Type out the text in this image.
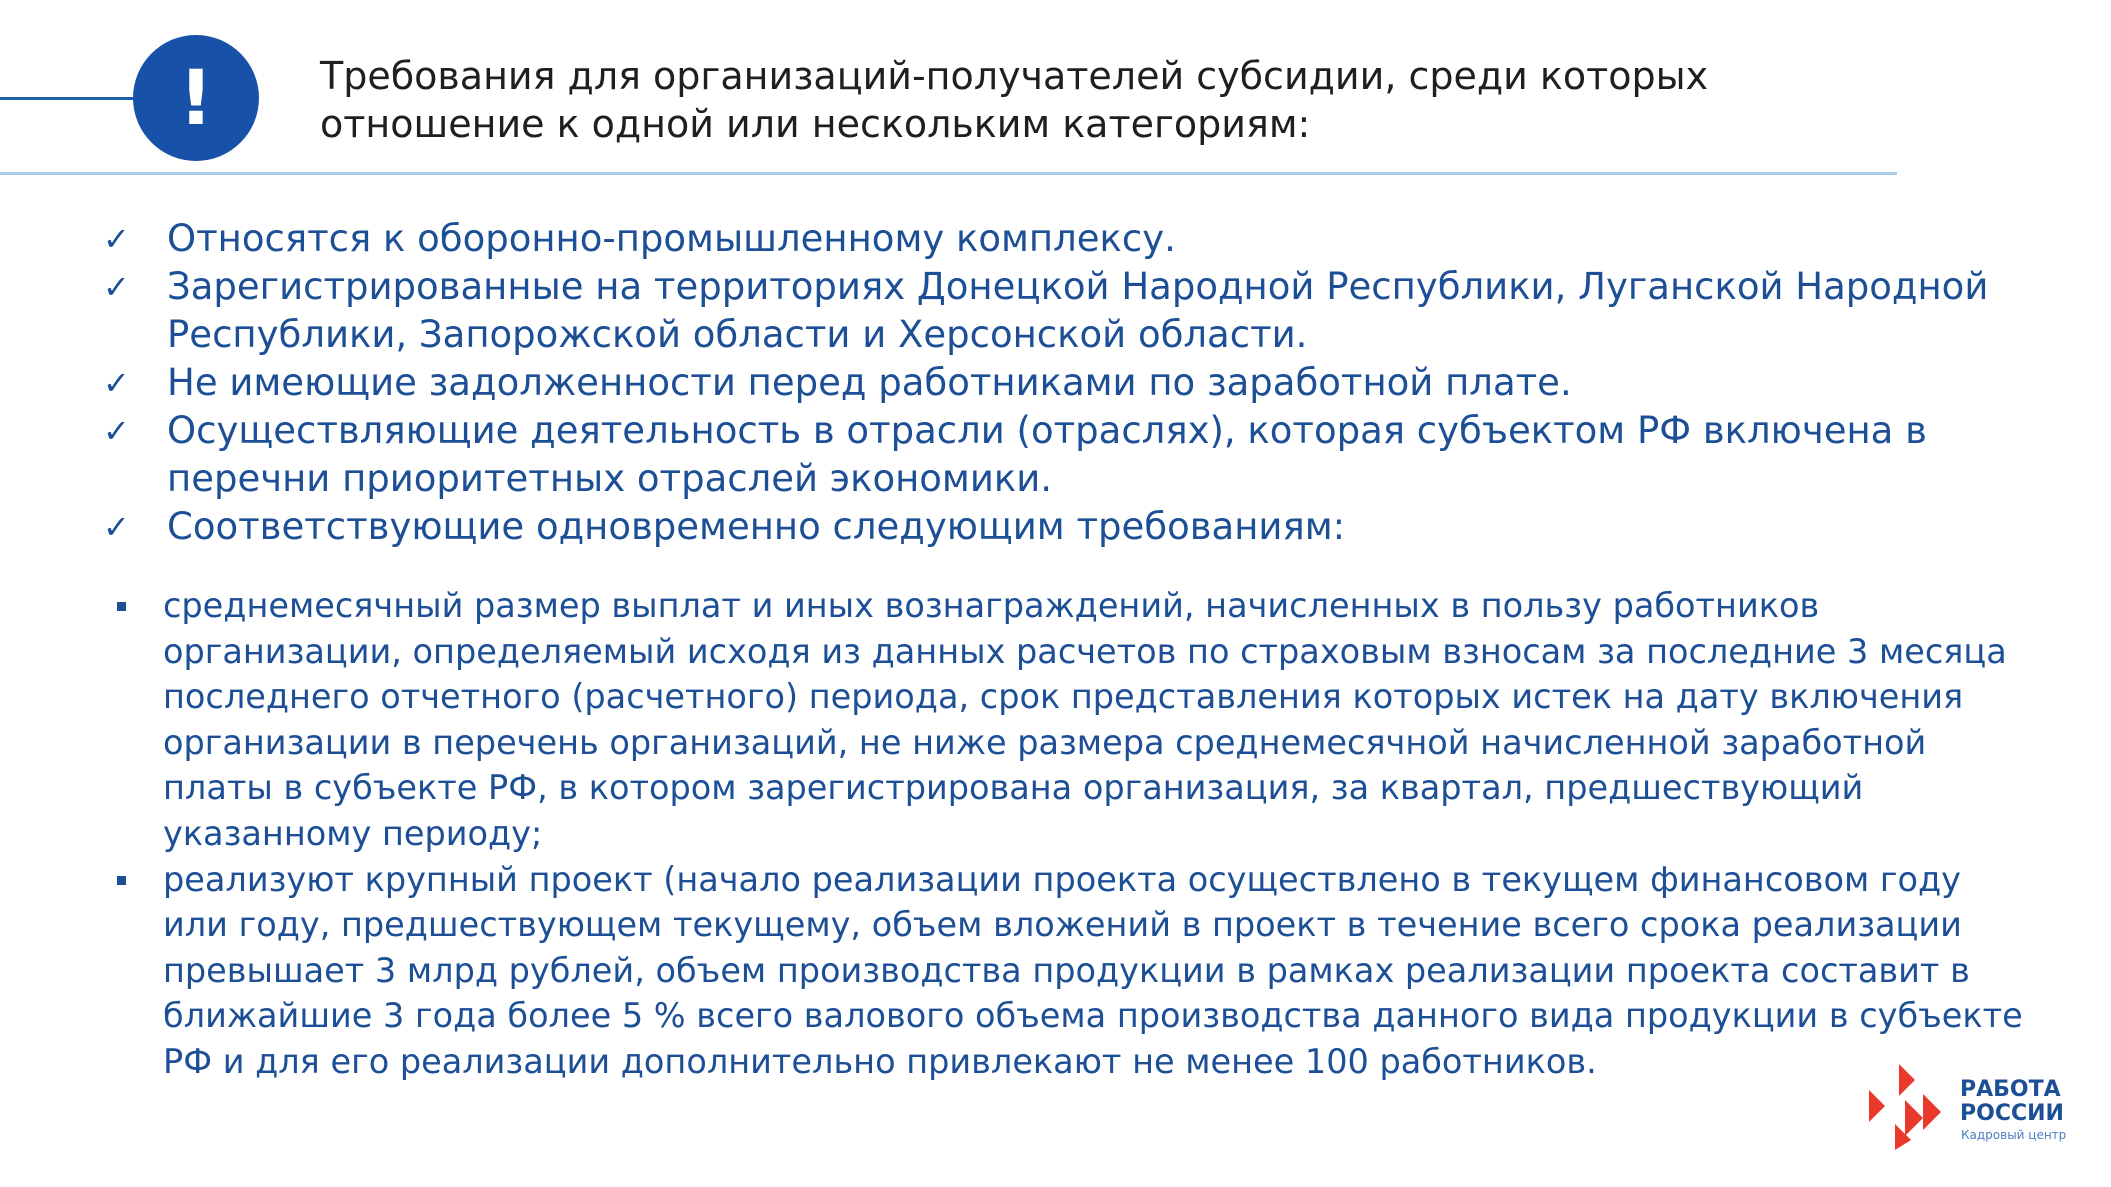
!	Требования для организаций-получателей субсидии, среди которых отношение к одной или нескольким категориям:
✓ Относятся к оборонно-промышленному комплексу.
✓ Зарегистрированные на территориях Донецкой Народной Республики, Луганской Народной Республики, Запорожской области и Херсонской области.
✓ Не имеющие задолженности перед работниками по заработной плате.
✓ Осуществляющие деятельность в отрасли (отраслях), которая субъектом РФ включена в перечни приоритетных отраслей экономики.
✓ Соответствующие одновременно следующим требованиям:
среднемесячный размер выплат и иных вознаграждений, начисленных в пользу работников организации, определяемый исходя из данных расчетов по страховым взносам за последние 3 месяца последнего отчетного (расчетного) периода, срок представления которых истек на дату включения организации в перечень организаций, не ниже размера среднемесячной начисленной заработной платы в субъекте РФ, в котором зарегистрирована организация, за квартал, предшествующий указанному периоду;
реализуют крупный проект (начало реализации проекта осуществлено в текущем финансовом году или году, предшествующем текущему, объем вложений в проект в течение всего срока реализации превышает 3 млрд рублей, объем производства продукции в рамках реализации проекта составит в ближайшие 3 года более 5 % всего валового объема производства данного вида продукции в субъекте РФ и для его реализации дополнительно привлекают не менее 100 работников.
РАБОТА
РОССИИ
Кадровый центр
